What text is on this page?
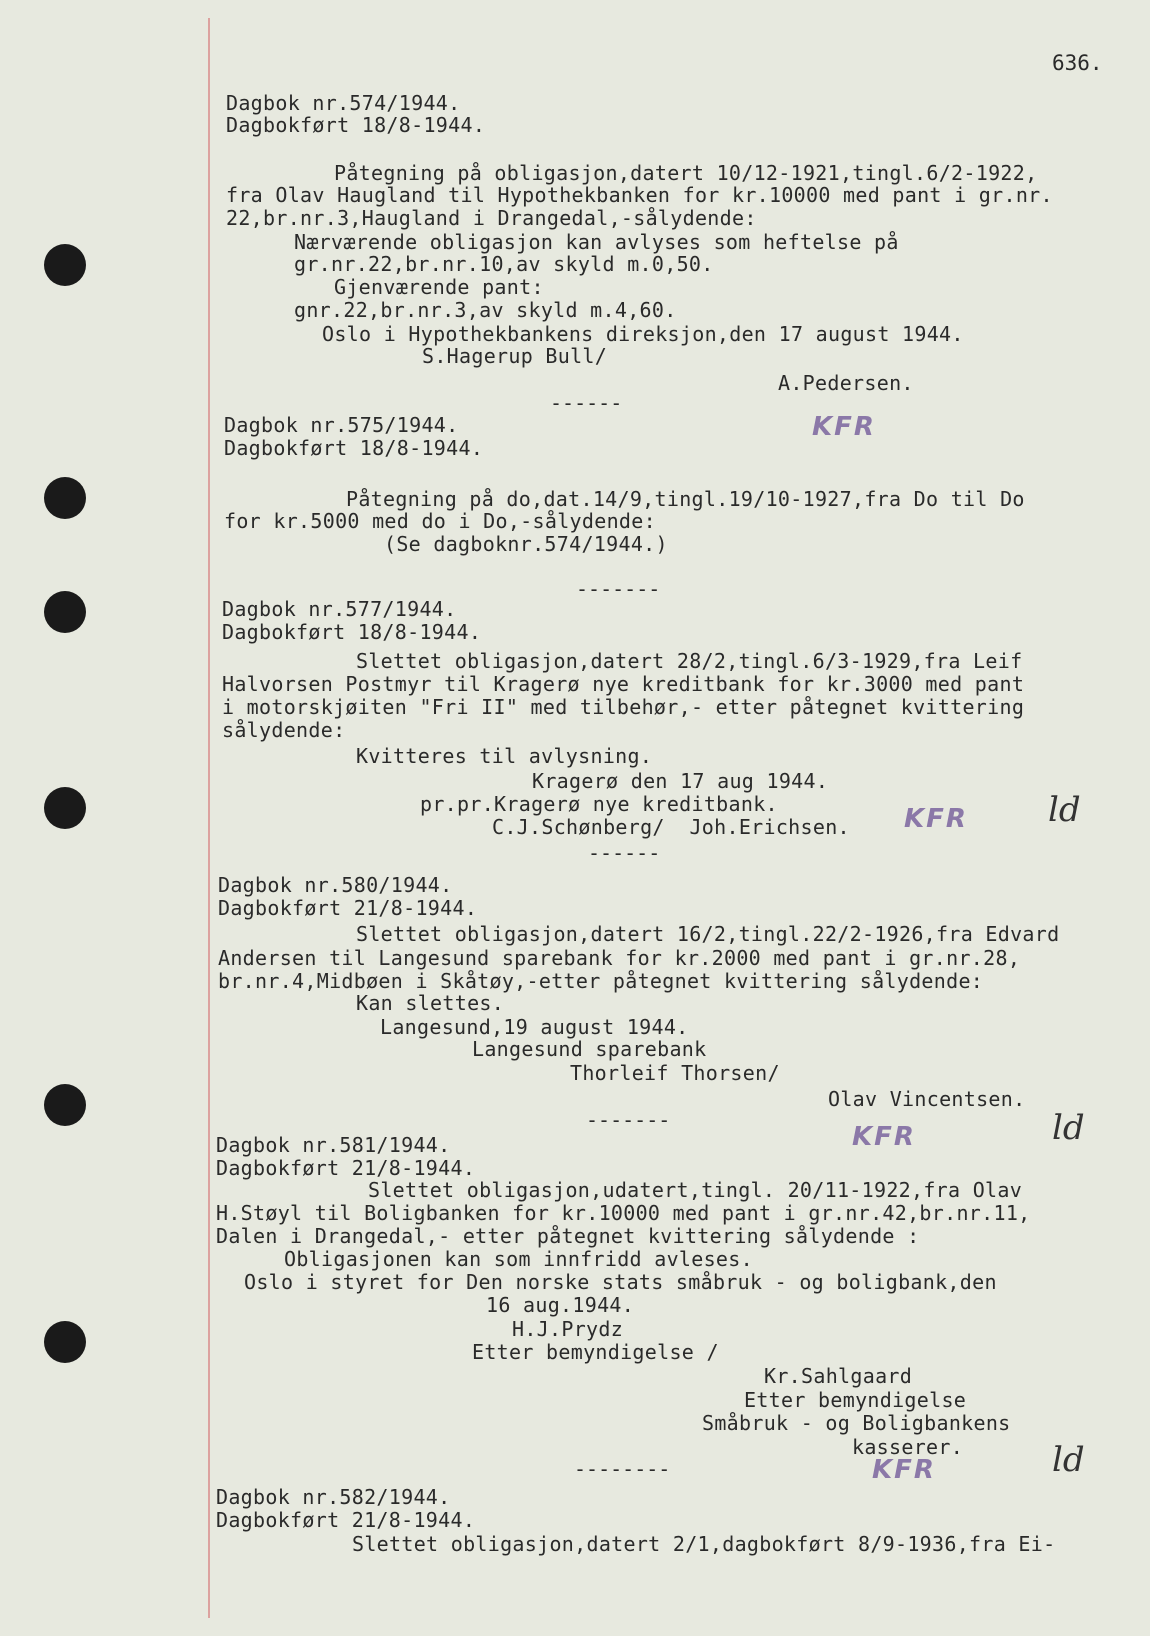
636.
Dagbok nr.574/1944.
Dagbokført 18/8-1944.
Påtegning på obligasjon,datert 10/12-1921,tingl.6/2-1922,
fra Olav Haugland til Hypothekbanken for kr.10000 med pant i gr.nr.
22,br.nr.3,Haugland i Drangedal,-sålydende:
Nærværende obligasjon kan avlyses som heftelse på
gr.nr.22,br.nr.10,av skyld m.0,50.
Gjenværende pant:
gnr.22,br.nr.3,av skyld m.4,60.
Oslo i Hypothekbankens direksjon,den 17 august 1944.
S.Hagerup Bull/
A.Pedersen.
------
Dagbok nr.575/1944.
Dagbokført 18/8-1944.
KFR
Påtegning på do,dat.14/9,tingl.19/10-1927,fra Do til Do
for kr.5000 med do i Do,-sålydende:
(Se dagboknr.574/1944.)
-------
Dagbok nr.577/1944.
Dagbokført 18/8-1944.
Slettet obligasjon,datert 28/2,tingl.6/3-1929,fra Leif
Halvorsen Postmyr til Kragerø nye kreditbank for kr.3000 med pant
i motorskjøiten "Fri II" med tilbehør,- etter påtegnet kvittering
sålydende:
Kvitteres til avlysning.
Kragerø den 17 aug 1944.
pr.pr.Kragerø nye kreditbank.
C.J.Schønberg/  Joh.Erichsen. KFR ld
------
Dagbok nr.580/1944.
Dagbokført 21/8-1944.
Slettet obligasjon,datert 16/2,tingl.22/2-1926,fra Edvard
Andersen til Langesund sparebank for kr.2000 med pant i gr.nr.28,
br.nr.4,Midbøen i Skåtøy,-etter påtegnet kvittering sålydende:
Kan slettes.
Langesund,19 august 1944.
Langesund sparebank
Thorleif Thorsen/
Olav Vincentsen.
-------
Dagbok nr.581/1944.
Dagbokført 21/8-1944.
KFR	ld
Slettet obligasjon,udatert,tingl. 20/11-1922,fra Olav
H.Støyl til Boligbanken for kr.10000 med pant i gr.nr.42,br.nr.11,
Dalen i Drangedal,- etter påtegnet kvittering sålydende :
Obligasjonen kan som innfridd avleses.
Oslo i styret for Den norske stats småbruk - og boligbank,den
16 aug.1944.
H.J.Prydz
Etter bemyndigelse /
Kr.Sahlgaard
Etter bemyndigelse
Småbruk - og Boligbankens
kasserer.
KFR	ld
--------
Dagbok nr.582/1944.
Dagbokført 21/8-1944.
Slettet obligasjon,datert 2/1,dagbokført 8/9-1936,fra Ei-
